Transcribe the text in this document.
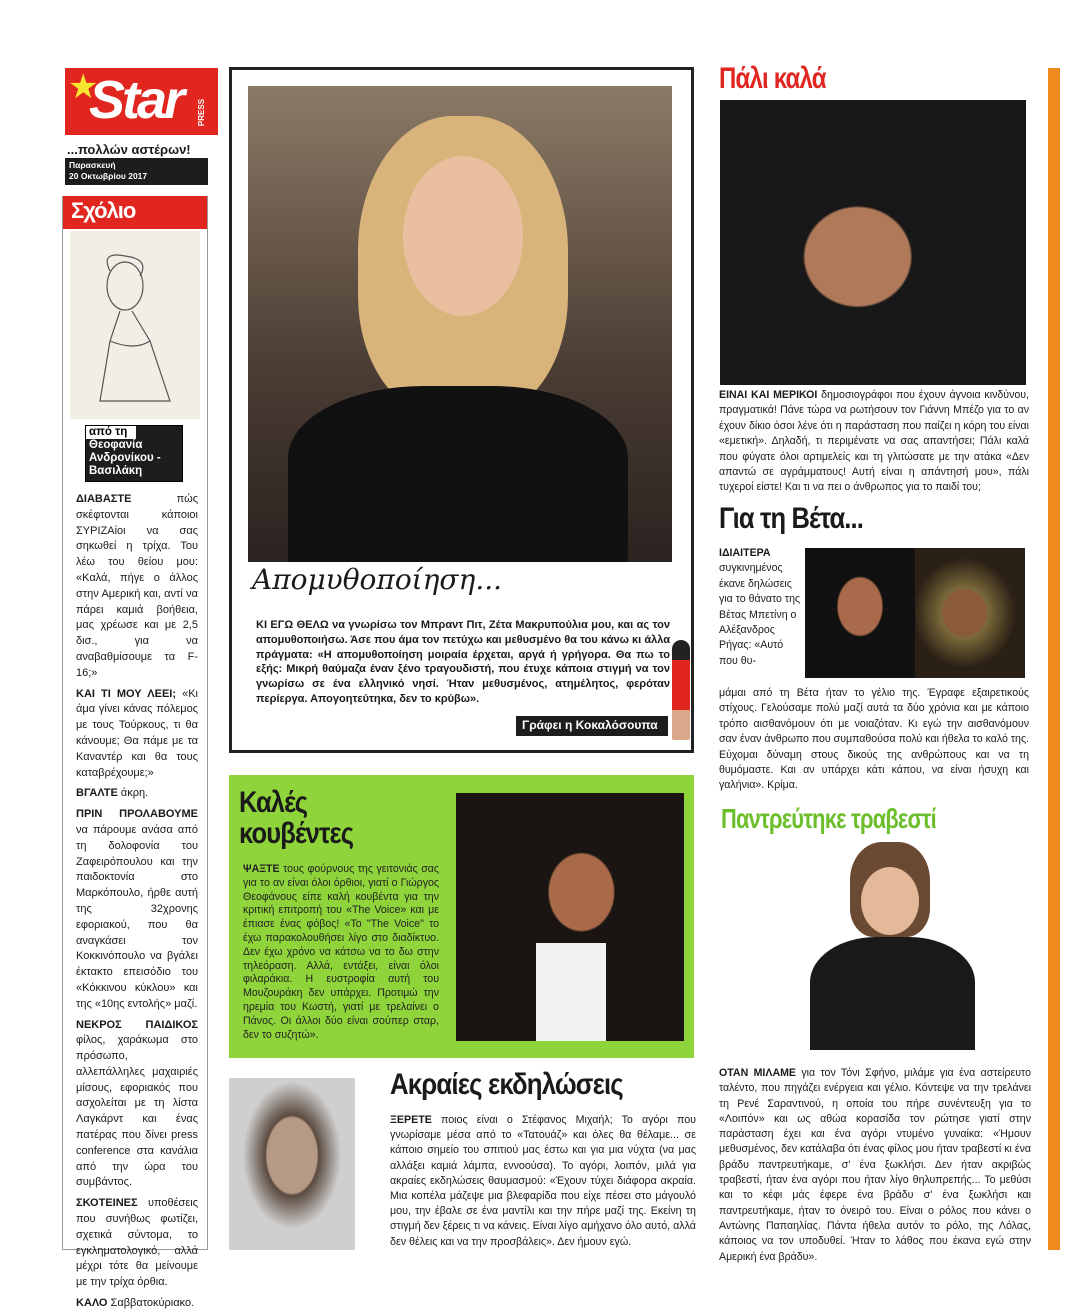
★
Star PRESS
...πολλών αστέρων!
Παρασκευή
20 Οκτωβρίου 2017
Σχόλιο
από τη
Θεοφανία Ανδρονίκου - Βασιλάκη

ΔΙΑΒΑΣΤΕ πώς σκέφτονται κάποιοι ΣΥΡΙΖΑίοι να σας σηκωθεί η τρίχα. Του λέω του θείου μου: «Καλά, πήγε ο άλλος στην Αμερική και, αντί να πάρει καμιά βοήθεια, μας χρέωσε και με 2,5 δισ., για να αναβαθμίσουμε τα F-16;»

ΚΑΙ ΤΙ ΜΟΥ ΛΕΕΙ; «Κι άμα γίνει κάνας πόλεμος με τους Τούρκους, τι θα κάνουμε; Θα πάμε με τα Καναντέρ και θα τους καταβρέχουμε;»

ΒΓΑΛΤΕ άκρη.

ΠΡΙΝ ΠΡΟΛΑΒΟΥΜΕ να πάρουμε ανάσα από τη δολοφονία του Ζαφειρόπουλου και την παιδοκτονία στο Μαρκόπουλο, ήρθε αυτή της 32χρονης εφοριακού, που θα αναγκάσει τον Κοκκινόπουλο να βγάλει έκτακτο επεισόδιο του «Κόκκινου κύκλου» και της «10ης εντολής» μαζί.

ΝΕΚΡΟΣ ΠΑΙΔΙΚΟΣ φίλος, χαράκωμα στο πρόσωπο, αλλεπάλληλες μαχαιριές μίσους, εφοριακός που ασχολείται με τη λίστα Λαγκάρντ και ένας πατέρας που δίνει press conference στα κανάλια από την ώρα του συμβάντος.

ΣΚΟΤΕΙΝΕΣ υποθέσεις που συνήθως φωτίζει, σχετικά σύντομα, το εγκληματολογικό, αλλά μέχρι τότε θα μείνουμε με την τρίχα όρθια.

ΚΑΛΟ Σαββατοκύριακο.

Απομυθοποίηση...
ΚΙ ΕΓΩ ΘΕΛΩ να γνωρίσω τον Μπραντ Πιτ, Ζέτα Μακρυπούλια μου, και ας τον απομυθοποιήσω. Άσε που άμα τον πετύχω και μεθυσμένο θα του κάνω κι άλλα πράγματα: «Η απομυθοποίηση μοιραία έρχεται, αργά ή γρήγορα. Θα πω το εξής: Μικρή θαύμαζα έναν ξένο τραγουδιστή, που έτυχε κάποια στιγμή να τον γνωρίσω σε ένα ελληνικό νησί. Ήταν μεθυσμένος, ατημέλητος, φερόταν περίεργα. Απογοητεύτηκα, δεν το κρύβω».
Γράφει η Κοκαλόσουπα
Καλές
κουβέντες
ΨΑΞΤΕ τους φούρνους της γειτονιάς σας για το αν είναι όλοι όρθιοι, γιατί ο Γιώργος Θεοφάνους είπε καλή κουβέντα για την κριτική επιτροπή του «The Voice» και με έπιασε ένας φόβος! «Το "The Voice" το έχω παρακολουθήσει λίγο στο διαδίκτυο. Δεν έχω χρόνο να κάτσω να το δω στην τηλεόραση. Αλλά, εντάξει, είναι όλοι φιλαράκια. Η ευστροφία αυτή του Μουζουράκη δεν υπάρχει. Προτιμώ την ηρεμία του Κωστή, γιατί με τρελαίνει ο Πάνος. Οι άλλοι δύο είναι σούπερ σταρ, δεν το συζητώ».
Ακραίες εκδηλώσεις
ΞΕΡΕΤΕ ποιος είναι ο Στέφανος Μιχαήλ; Το αγόρι που γνωρίσαμε μέσα από το «Τατουάζ» και όλες θα θέλαμε... σε κάποιο σημείο του σπιτιού μας έστω και για μια νύχτα (να μας αλλάξει καμιά λάμπα, εννοούσα). Το αγόρι, λοιπόν, μιλά για ακραίες εκδηλώσεις θαυμασμού: «Έχουν τύχει διάφορα ακραία. Μια κοπέλα μάζεψε μια βλεφαρίδα που είχε πέσει στο μάγουλό μου, την έβαλε σε ένα μαντίλι και την πήρε μαζί της. Εκείνη τη στιγμή δεν ξέρεις τι να κάνεις. Είναι λίγο αμήχανο όλο αυτό, αλλά δεν θέλεις και να την προσβάλεις». Δεν ήμουν εγώ.
Πάλι καλά
ΕΙΝΑΙ ΚΑΙ ΜΕΡΙΚΟΙ δημοσιογράφοι που έχουν άγνοια κινδύνου, πραγματικά! Πάνε τώρα να ρωτήσουν τον Γιάννη Μπέζο για το αν έχουν δίκιο όσοι λένε ότι η παράσταση που παίζει η κόρη του είναι «εμετική». Δηλαδή, τι περιμένατε να σας απαντήσει; Πάλι καλά που φύγατε όλοι αρτιμελείς και τη γλιτώσατε με την ατάκα «Δεν απαντώ σε αγράμματους! Αυτή είναι η απάντησή μου», πάλι τυχεροί είστε! Και τι να πει ο άνθρωπος για το παιδί του;
Για τη Βέτα...
ΙΔΙΑΙΤΕΡΑ συγκινημένος έκανε δηλώσεις για το θάνατο της Βέτας Μπετίνη ο Αλέξανδρος Ρήγας: «Αυτό που θυ-
μάμαι από τη Βέτα ήταν το γέλιο της. Έγραφε εξαιρετικούς στίχους. Γελούσαμε πολύ μαζί αυτά τα δύο χρόνια και με κάποιο τρόπο αισθανόμουν ότι με νοιαζόταν. Κι εγώ την αισθανόμουν σαν έναν άνθρωπο που συμπαθούσα πολύ και ήθελα το καλό της. Εύχομαι δύναμη στους δικούς της ανθρώπους και να τη θυμόμαστε. Και αν υπάρχει κάτι κάπου, να είναι ήσυχη και γαλήνια». Κρίμα.
Παντρεύτηκε τραβεστί
ΟΤΑΝ ΜΙΛΑΜΕ για τον Τόνι Σφήνο, μιλάμε για ένα αστείρευτο ταλέντο, που πηγάζει ενέργεια και γέλιο. Κόντεψε να την τρελάνει τη Ρενέ Σαραντινού, η οποία του πήρε συνέντευξη για το «Λοιπόν» και ως αθώα κορασίδα τον ρώτησε γιατί στην παράσταση έχει και ένα αγόρι ντυμένο γυναίκα: «Ήμουν μεθυσμένος, δεν κατάλαβα ότι ένας φίλος μου ήταν τραβεστί κι ένα βράδυ παντρευτήκαμε, σ' ένα ξωκλήσι. Δεν ήταν ακριβώς τραβεστί, ήταν ένα αγόρι που ήταν λίγο θηλυπρεπής... Το μεθύσι και το κέφι μάς έφερε ένα βράδυ σ' ένα ξωκλήσι και παντρευτήκαμε, ήταν το όνειρό του. Είναι ο ρόλος που κάνει ο Αντώνης Παπαηλίας. Πάντα ήθελα αυτόν το ρόλο, της Λόλας, κάποιος να τον υποδυθεί. Ήταν το λάθος που έκανα εγώ στην Αμερική ένα βράδυ».
